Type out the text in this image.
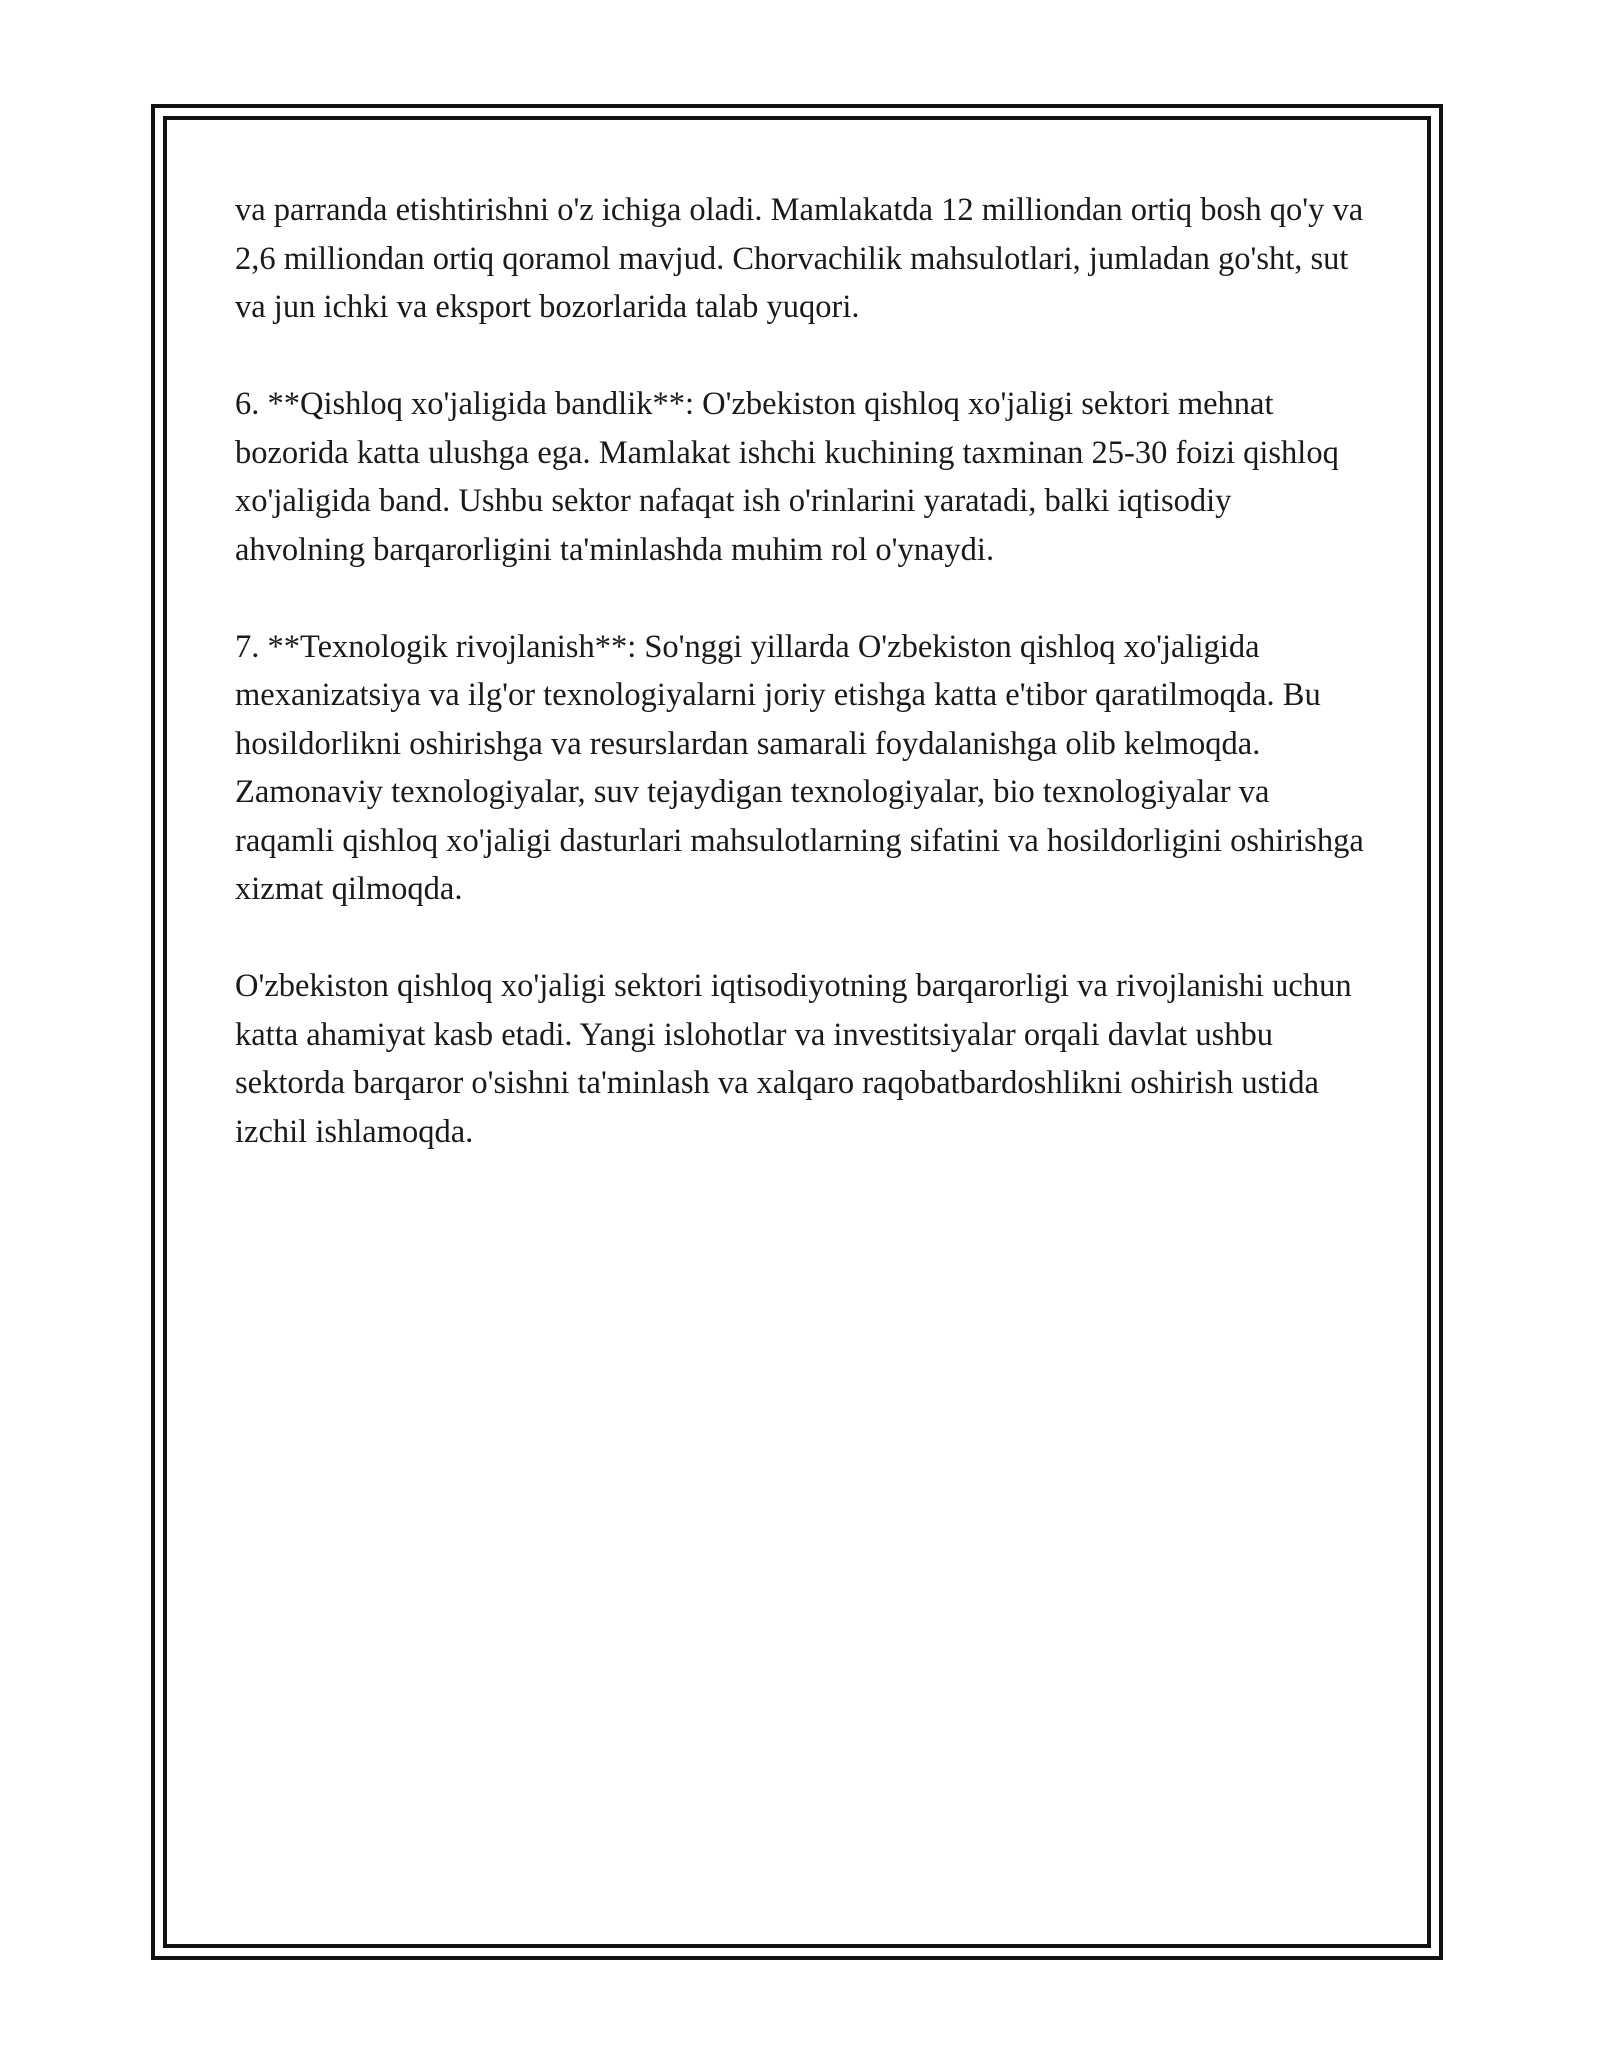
va parranda etishtirishni o'z ichiga oladi. Mamlakatda 12 milliondan ortiq bosh qo'y va 2,6 milliondan ortiq qoramol mavjud. Chorvachilik mahsulotlari, jumladan go'sht, sut va jun ichki va eksport bozorlarida talab yuqori.

6. **Qishloq xo'jaligida bandlik**: O'zbekiston qishloq xo'jaligi sektori mehnat bozorida katta ulushga ega. Mamlakat ishchi kuchining taxminan 25-30 foizi qishloq xo'jaligida band. Ushbu sektor nafaqat ish o'rinlarini yaratadi, balki iqtisodiy ahvolning barqarorligini ta'minlashda muhim rol o'ynaydi.

7. **Texnologik rivojlanish**: So'nggi yillarda O'zbekiston qishloq xo'jaligida mexanizatsiya va ilg'or texnologiyalarni joriy etishga katta e'tibor qaratilmoqda. Bu hosildorlikni oshirishga va resurslardan samarali foydalanishga olib kelmoqda. Zamonaviy texnologiyalar, suv tejaydigan texnologiyalar, bio texnologiyalar va raqamli qishloq xo'jaligi dasturlari mahsulotlarning sifatini va hosildorligini oshirishga xizmat qilmoqda.

O'zbekiston qishloq xo'jaligi sektori iqtisodiyotning barqarorligi va rivojlanishi uchun katta ahamiyat kasb etadi. Yangi islohotlar va investitsiyalar orqali davlat ushbu sektorda barqaror o'sishni ta'minlash va xalqaro raqobatbardoshlikni oshirish ustida izchil ishlamoqda.
